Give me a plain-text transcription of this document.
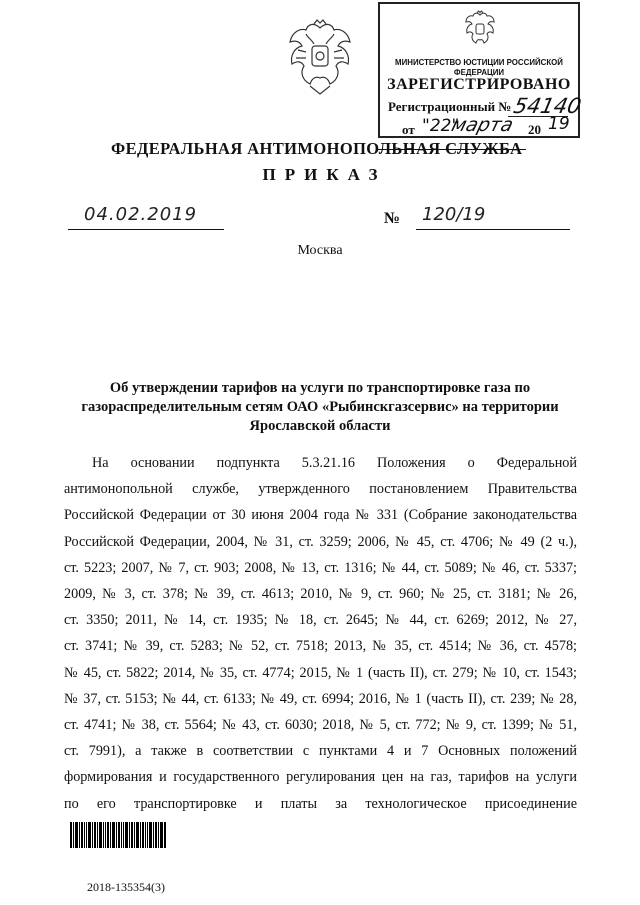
МИНИСТЕРСТВО ЮСТИЦИИ РОССИЙСКОЙ ФЕДЕРАЦИИ
ЗАРЕГИСТРИРОВАНО
Регистрационный № 54140
от "22"
марта 20 19
ФЕДЕРАЛЬНАЯ АНТИМОНОПОЛЬНАЯ СЛУЖБА
ПРИКАЗ
04.02.2019	№ 120/19
Москва
Об утверждении тарифов на услуги по транспортировке газа по
газораспределительным сетям ОАО «Рыбинскгазсервис» на территории
Ярославской области
На основании подпункта 5.3.21.16 Положения о Федеральной
антимонопольной службе, утвержденного постановлением Правительства
Российской Федерации от 30 июня 2004 года № 331 (Собрание законодательства
Российской Федерации, 2004, № 31, ст. 3259; 2006, № 45, ст. 4706; № 49 (2 ч.),
ст. 5223; 2007, № 7, ст. 903; 2008, № 13, ст. 1316; № 44, ст. 5089; № 46, ст. 5337;
2009, № 3, ст. 378; № 39, ст. 4613; 2010, № 9, ст. 960; № 25, ст. 3181; № 26,
ст. 3350; 2011, № 14, ст. 1935; № 18, ст. 2645; № 44, ст. 6269; 2012, № 27,
ст. 3741; № 39, ст. 5283; № 52, ст. 7518; 2013, № 35, ст. 4514; № 36, ст. 4578;
№ 45, ст. 5822; 2014, № 35, ст. 4774; 2015, № 1 (часть II), ст. 279; № 10, ст. 1543;
№ 37, ст. 5153; № 44, ст. 6133; № 49, ст. 6994; 2016, № 1 (часть II), ст. 239; № 28,
ст. 4741; № 38, ст. 5564; № 43, ст. 6030; 2018, № 5, ст. 772; № 9, ст. 1399; № 51,
ст. 7991), а также в соответствии с пунктами 4 и 7 Основных положений
формирования и государственного регулирования цен на газ, тарифов на услуги
по его транспортировке и платы за технологическое присоединение
2018-135354(3)
